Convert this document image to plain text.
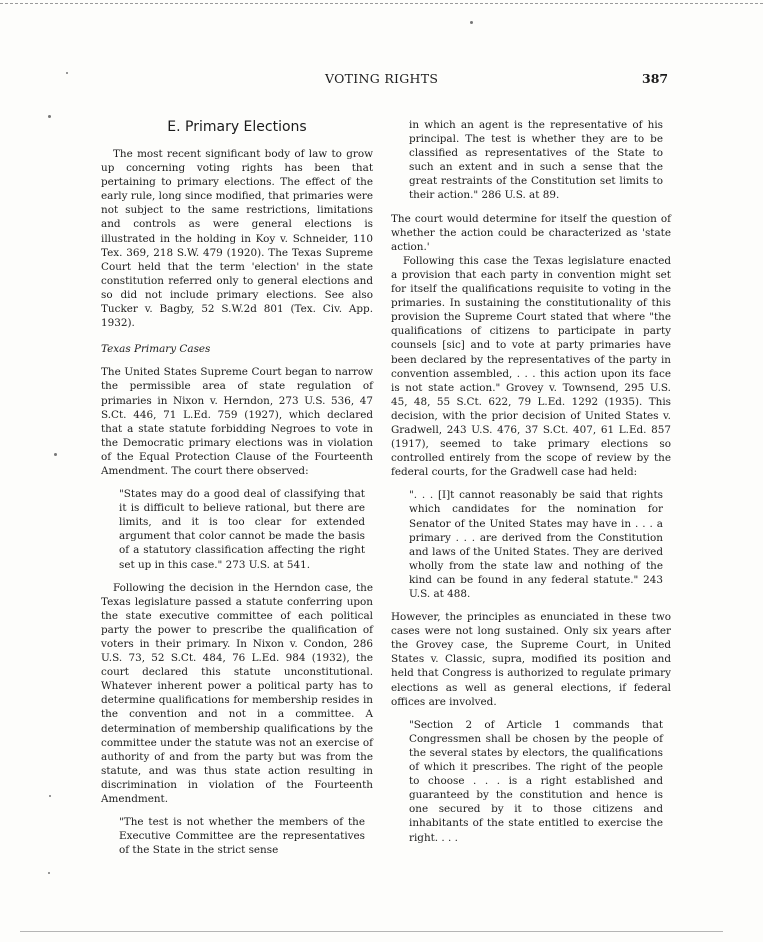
VOTING RIGHTS	387
E. Primary Elections

The most recent significant body of law to grow up concerning voting rights has been that pertaining to primary elections. The effect of the early rule, long since modified, that primaries were not subject to the same restrictions, limitations and controls as were general elections is illustrated in the holding in Koy v. Schneider, 110 Tex. 369, 218 S.W. 479 (1920). The Texas Supreme Court held that the term 'election' in the state constitution referred only to general elections and so did not include primary elections. See also Tucker v. Bagby, 52 S.W.2d 801 (Tex. Civ. App. 1932).

Texas Primary Cases

The United States Supreme Court began to narrow the permissible area of state regulation of primaries in Nixon v. Herndon, 273 U.S. 536, 47 S.Ct. 446, 71 L.Ed. 759 (1927), which declared that a state statute forbidding Negroes to vote in the Democratic primary elections was in violation of the Equal Protection Clause of the Fourteenth Amendment. The court there observed:

"States may do a good deal of classifying that it is difficult to believe rational, but there are limits, and it is too clear for extended argument that color cannot be made the basis of a statutory classification affecting the right set up in this case." 273 U.S. at 541.

Following the decision in the Herndon case, the Texas legislature passed a statute conferring upon the state executive committee of each political party the power to prescribe the qualification of voters in their primary. In Nixon v. Condon, 286 U.S. 73, 52 S.Ct. 484, 76 L.Ed. 984 (1932), the court declared this statute unconstitutional. Whatever inherent power a political party has to determine qualifications for membership resides in the convention and not in a committee. A determination of membership qualifications by the committee under the statute was not an exercise of authority of and from the party but was from the statute, and was thus state action resulting in discrimination in violation of the Fourteenth Amendment.

"The test is not whether the members of the Executive Committee are the representatives of the State in the strict sense

in which an agent is the representative of his principal. The test is whether they are to be classified as representatives of the State to such an extent and in such a sense that the great restraints of the Constitution set limits to their action." 286 U.S. at 89.

The court would determine for itself the question of whether the action could be characterized as 'state action.'

Following this case the Texas legislature enacted a provision that each party in convention might set for itself the qualifications requisite to voting in the primaries. In sustaining the constitutionality of this provision the Supreme Court stated that where "the qualifications of citizens to participate in party counsels [sic] and to vote at party primaries have been declared by the representatives of the party in convention assembled, . . . this action upon its face is not state action." Grovey v. Townsend, 295 U.S. 45, 48, 55 S.Ct. 622, 79 L.Ed. 1292 (1935). This decision, with the prior decision of United States v. Gradwell, 243 U.S. 476, 37 S.Ct. 407, 61 L.Ed. 857 (1917), seemed to take primary elections so controlled entirely from the scope of review by the federal courts, for the Gradwell case had held:

". . . [I]t cannot reasonably be said that rights which candidates for the nomination for Senator of the United States may have in . . . a primary . . . are derived from the Constitution and laws of the United States. They are derived wholly from the state law and nothing of the kind can be found in any federal statute." 243 U.S. at 488.

However, the principles as enunciated in these two cases were not long sustained. Only six years after the Grovey case, the Supreme Court, in United States v. Classic, supra, modified its position and held that Congress is authorized to regulate primary elections as well as general elections, if federal offices are involved.

"Section 2 of Article 1 commands that Congressmen shall be chosen by the people of the several states by electors, the qualifications of which it prescribes. The right of the people to choose . . . is a right established and guaranteed by the constitution and hence is one secured by it to those citizens and inhabitants of the state entitled to exercise the right. . . .
